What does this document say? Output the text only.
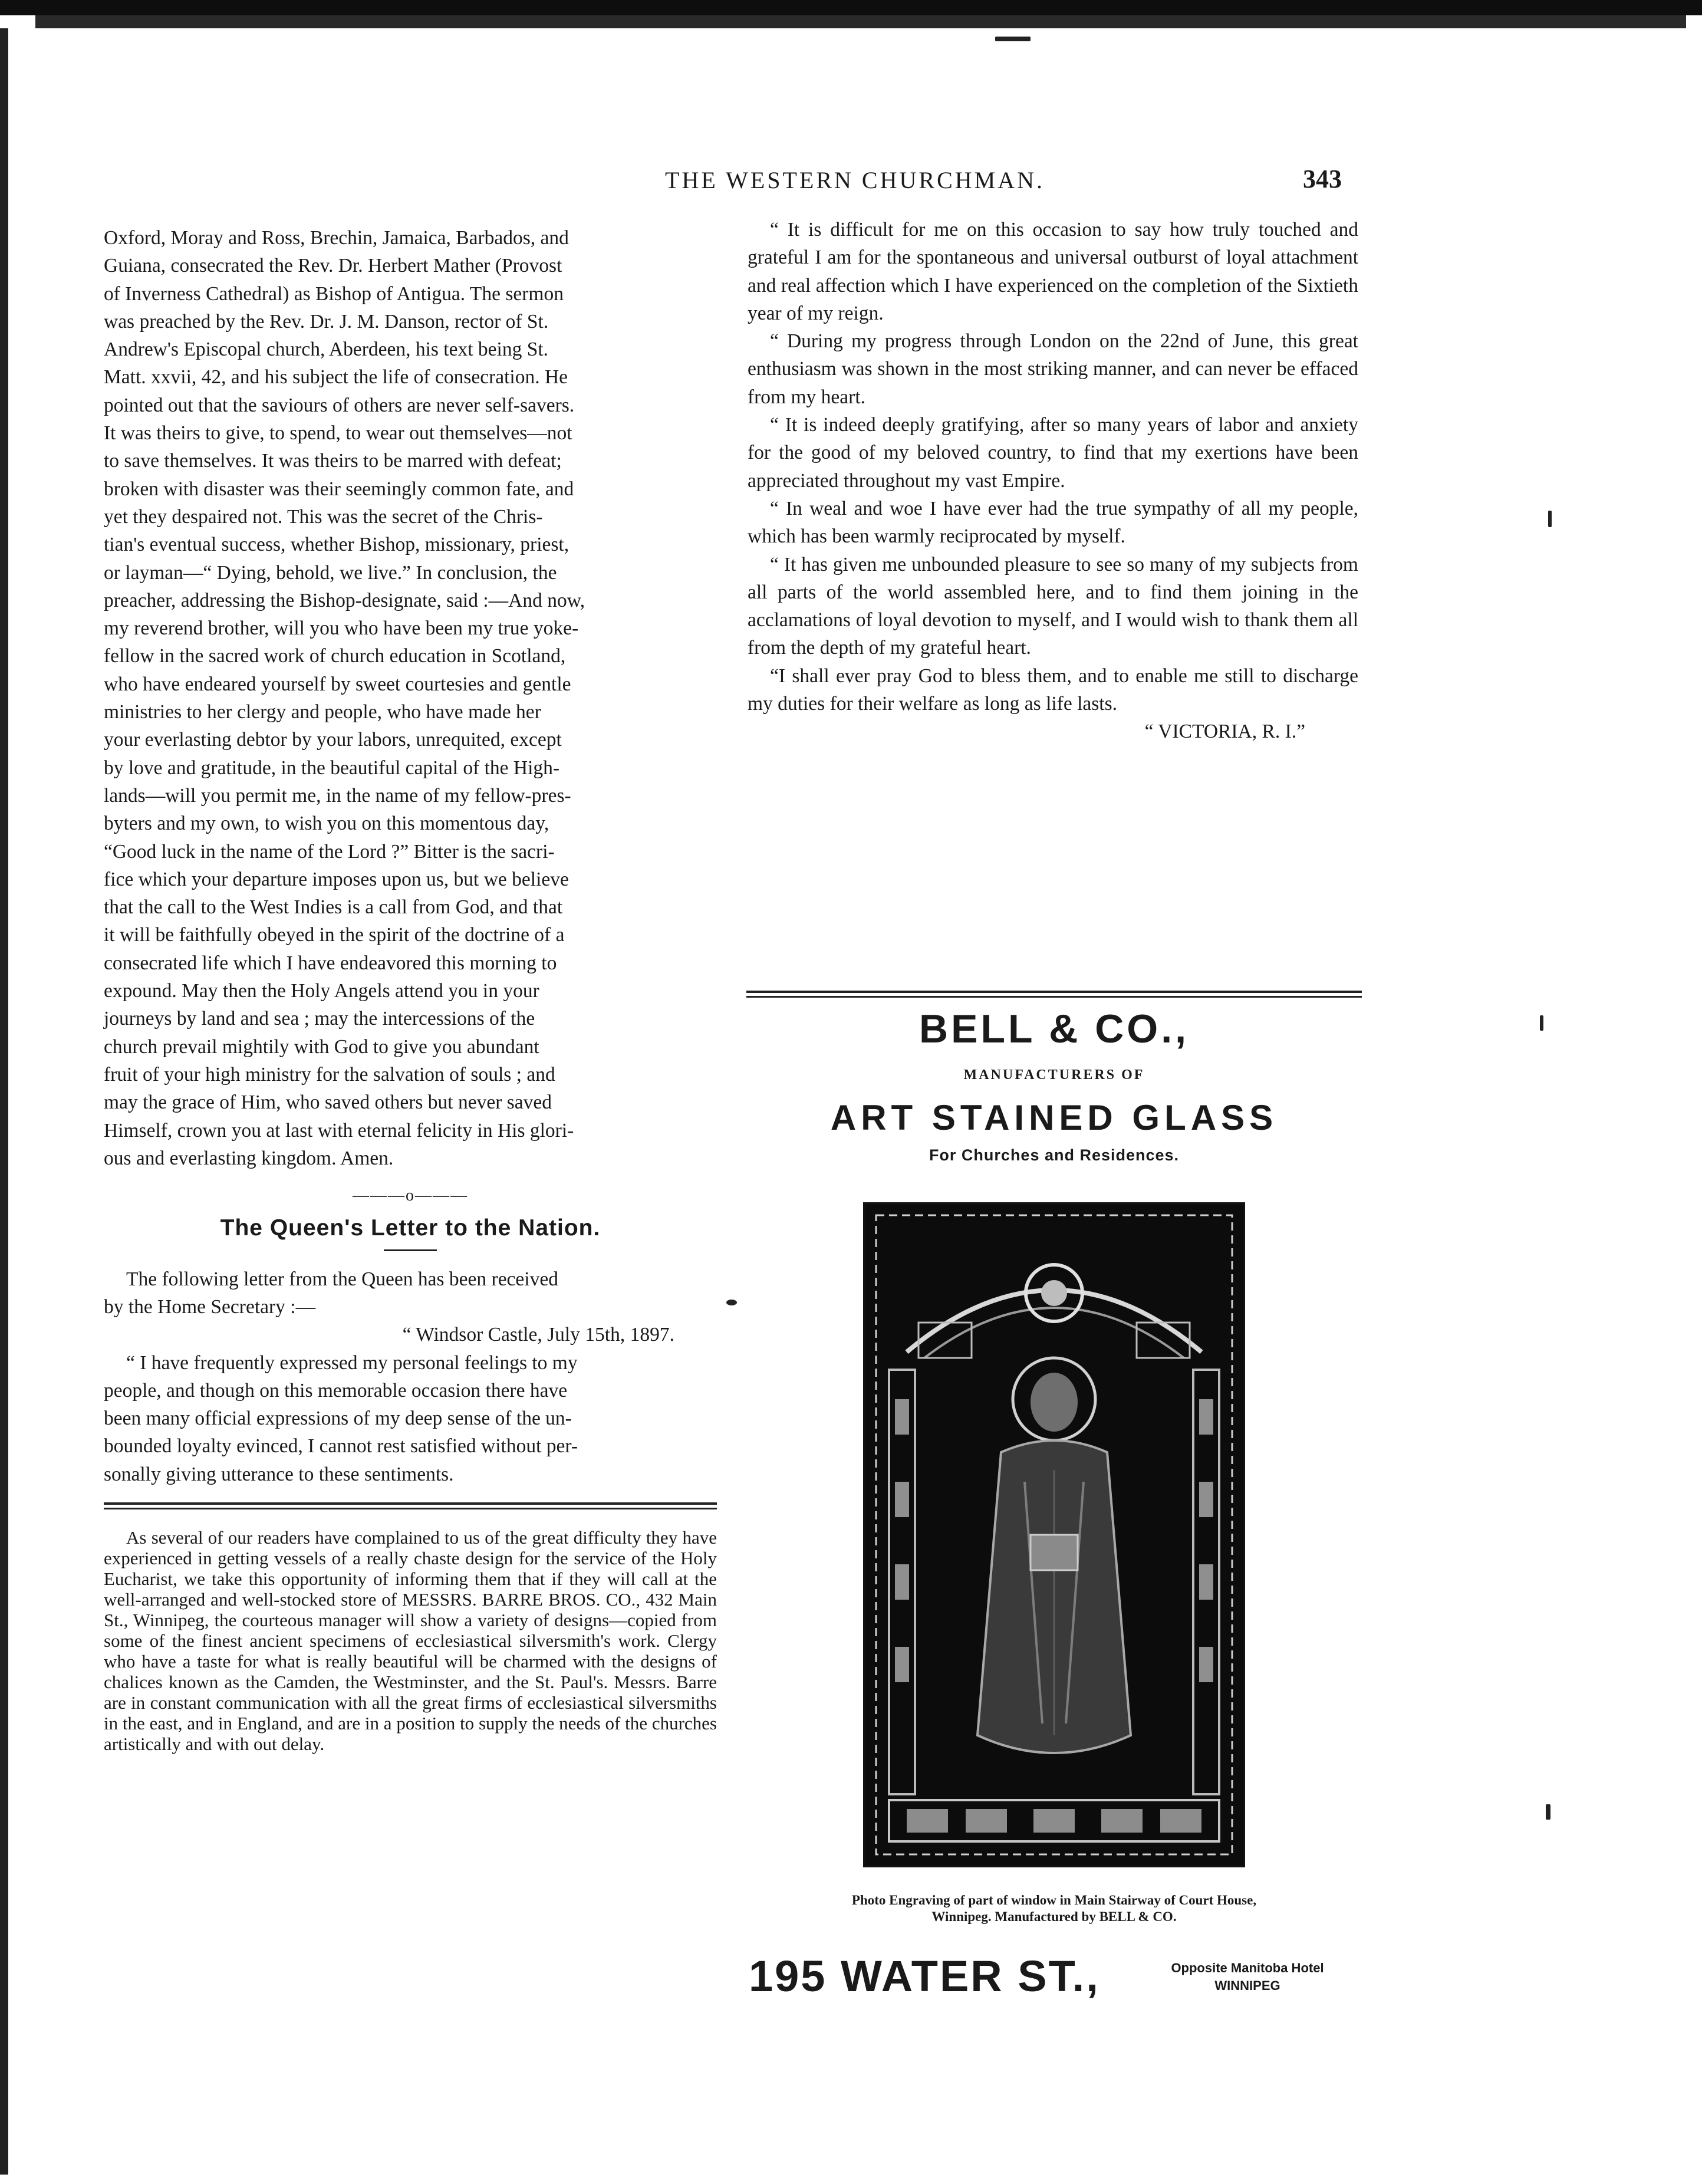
THE WESTERN CHURCHMAN.	343

Oxford, Moray and Ross, Brechin, Jamaica, Barbados, and

Guiana, consecrated the Rev. Dr. Herbert Mather (Provost

of Inverness Cathedral) as Bishop of Antigua. The sermon

was preached by the Rev. Dr. J. M. Danson, rector of St.

Andrew's Episcopal church, Aberdeen, his text being St.

Matt. xxvii, 42, and his subject the life of consecration. He

pointed out that the saviours of others are never self-savers.

It was theirs to give, to spend, to wear out themselves—not

to save themselves. It was theirs to be marred with defeat;

broken with disaster was their seemingly common fate, and

yet they despaired not. This was the secret of the Chris-

tian's eventual success, whether Bishop, missionary, priest,

or layman—“ Dying, behold, we live.” In conclusion, the

preacher, addressing the Bishop-designate, said :—And now,

my reverend brother, will you who have been my true yoke-

fellow in the sacred work of church education in Scotland,

who have endeared yourself by sweet courtesies and gentle

ministries to her clergy and people, who have made her

your everlasting debtor by your labors, unrequited, except

by love and gratitude, in the beautiful capital of the High-

lands—will you permit me, in the name of my fellow-pres-

byters and my own, to wish you on this momentous day,

“Good luck in the name of the Lord ?” Bitter is the sacri-

fice which your departure imposes upon us, but we believe

that the call to the West Indies is a call from God, and that

it will be faithfully obeyed in the spirit of the doctrine of a

consecrated life which I have endeavored this morning to

expound. May then the Holy Angels attend you in your

journeys by land and sea ; may the intercessions of the

church prevail mightily with God to give you abundant

fruit of your high ministry for the salvation of souls ; and

may the grace of Him, who saved others but never saved

Himself, crown you at last with eternal felicity in His glori-

ous and everlasting kingdom. Amen.

———o———
The Queen's Letter to the Nation.

The following letter from the Queen has been received

by the Home Secretary :—

“ Windsor Castle, July 15th, 1897.

“ I have frequently expressed my personal feelings to my

people, and though on this memorable occasion there have

been many official expressions of my deep sense of the un-

bounded loyalty evinced, I cannot rest satisfied without per-

sonally giving utterance to these sentiments.

As several of our readers have complained to us of the great difficulty they have experienced in getting vessels of a really chaste design for the service of the Holy Eucharist, we take this opportunity of informing them that if they will call at the well-arranged and well-stocked store of MESSRS. BARRE BROS. CO., 432 Main St., Winnipeg, the courteous manager will show a variety of designs—copied from some of the finest ancient specimens of ecclesiastical silversmith's work. Clergy who have a taste for what is really beautiful will be charmed with the designs of chalices known as the Camden, the Westminster, and the St. Paul's. Messrs. Barre are in constant communication with all the great firms of ecclesiastical silversmiths in the east, and in England, and are in a position to supply the needs of the churches artistically and with out delay.

“ It is difficult for me on this occasion to say how truly touched and grateful I am for the spontaneous and universal outburst of loyal attachment and real affection which I have experienced on the completion of the Sixtieth year of my reign.

“ During my progress through London on the 22nd of June, this great enthusiasm was shown in the most striking manner, and can never be effaced from my heart.

“ It is indeed deeply gratifying, after so many years of labor and anxiety for the good of my beloved country, to find that my exertions have been appreciated throughout my vast Empire.

“ In weal and woe I have ever had the true sympathy of all my people, which has been warmly reciprocated by myself.

“ It has given me unbounded pleasure to see so many of my subjects from all parts of the world assembled here, and to find them joining in the acclamations of loyal devotion to myself, and I would wish to thank them all from the depth of my grateful heart.

“I shall ever pray God to bless them, and to enable me still to discharge my duties for their welfare as long as life lasts.

“ VICTORIA, R. I.”

BELL & CO.,
MANUFACTURERS OF
ART STAINED GLASS
For Churches and Residences.
Photo Engraving of part of window in Main Stairway of Court House,
Winnipeg. Manufactured by BELL & CO.
195 WATER ST.,	Opposite Manitoba Hotel
WINNIPEG
